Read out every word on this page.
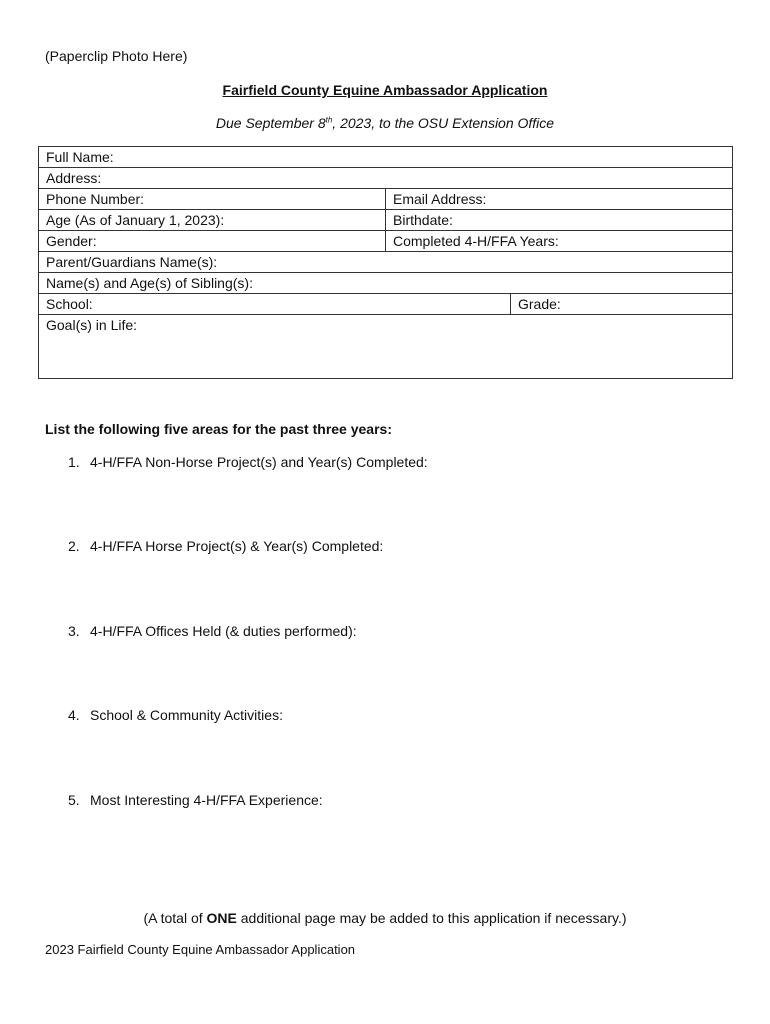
(Paperclip Photo Here)
Fairfield County Equine Ambassador Application
Due September 8th, 2023, to the OSU Extension Office
Full Name:		
Address:		
Phone Number:	Email Address:	
Age (As of January 1, 2023):	Birthdate:	
Gender:	Completed 4-H/FFA Years:	
Parent/Guardians Name(s):		
Name(s) and Age(s) of Sibling(s):		
School:		Grade:
Goal(s) in Life:		
List the following five areas for the past three years:
1. 4-H/FFA Non-Horse Project(s) and Year(s) Completed:
2. 4-H/FFA Horse Project(s) & Year(s) Completed:
3. 4-H/FFA Offices Held (& duties performed):
4. School & Community Activities:
5. Most Interesting 4-H/FFA Experience:
(A total of ONE additional page may be added to this application if necessary.)
2023 Fairfield County Equine Ambassador Application
